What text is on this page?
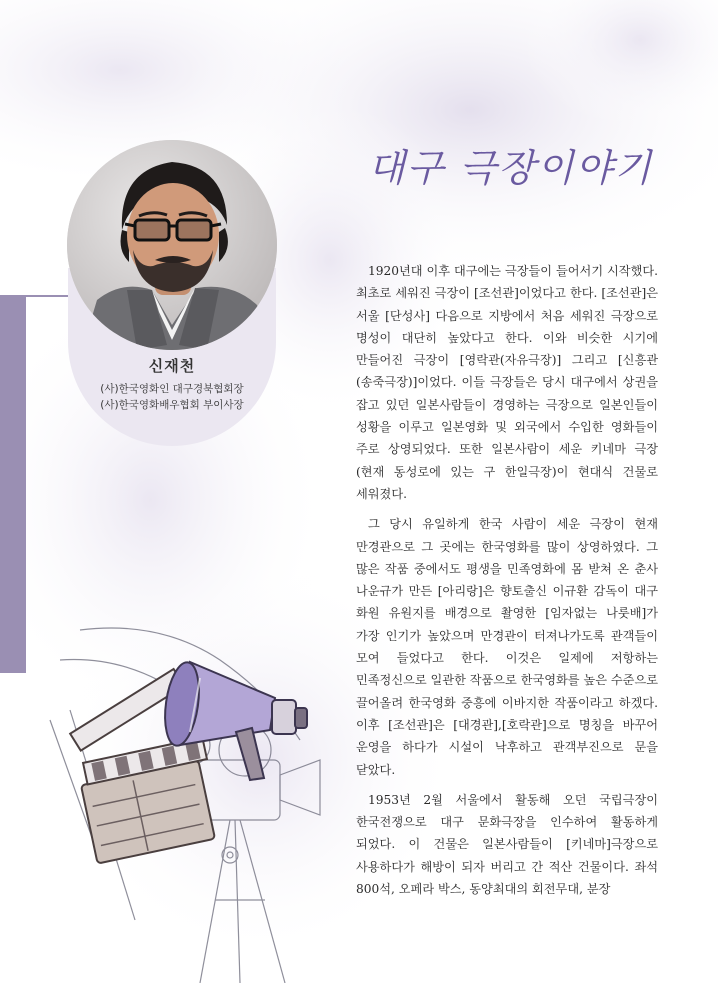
신재천
(사)한국영화인 대구경북협회장
(사)한국영화배우협회 부이사장
대구 극장이야기

1920년대 이후 대구에는 극장들이 들어서기 시작했다. 최초로 세워진 극장이 [조선관]이었다고 한다. [조선관]은 서울 [단성사] 다음으로 지방에서 처음 세워진 극장으로 명성이 대단히 높았다고 한다. 이와 비슷한 시기에 만들어진 극장이 [영락관(자유극장)] 그리고 [신흥관(송죽극장)]이었다. 이들 극장들은 당시 대구에서 상권을 잡고 있던 일본사람들이 경영하는 극장으로 일본인들이 성황을 이루고 일본영화 및 외국에서 수입한 영화들이 주로 상영되었다. 또한 일본사람이 세운 키네마 극장(현재 동성로에 있는 구 한일극장)이 현대식 건물로 세워졌다.

그 당시 유일하게 한국 사람이 세운 극장이 현재 만경관으로 그 곳에는 한국영화를 많이 상영하였다. 그 많은 작품 중에서도 평생을 민족영화에 몸 받쳐 온 춘사 나운규가 만든 [아리랑]은 향토출신 이규환 감독이 대구 화원 유원지를 배경으로 촬영한 [임자없는 나룻배]가 가장 인기가 높았으며 만경관이 터져나가도록 관객들이 모여 들었다고 한다. 이것은 일제에 저항하는 민족정신으로 일관한 작품으로 한국영화를 높은 수준으로 끌어올려 한국영화 중흥에 이바지한 작품이라고 하겠다. 이후 [조선관]은 [대경관],[호락관]으로 명칭을 바꾸어 운영을 하다가 시설이 낙후하고 관객부진으로 문을 닫았다.

1953년 2월 서울에서 활동해 오던 국립극장이 한국전쟁으로 대구 문화극장을 인수하여 활동하게 되었다. 이 건물은 일본사람들이 [키네마]극장으로 사용하다가 해방이 되자 버리고 간 적산 건물이다. 좌석 800석, 오페라 박스, 동양최대의 회전무대, 분장
